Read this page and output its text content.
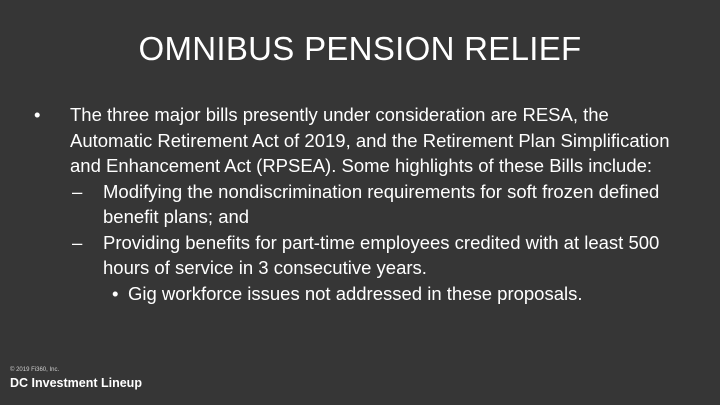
OMNIBUS PENSION RELIEF
•	The three major bills presently under consideration are RESA, the Automatic Retirement Act of 2019, and the Retirement Plan Simplification and Enhancement Act (RPSEA). Some highlights of these Bills include:
– Modifying the nondiscrimination requirements for soft frozen defined benefit plans; and
– Providing benefits for part-time employees credited with at least 500 hours of service in 3 consecutive years.
• Gig workforce issues not addressed in these proposals.
© 2019 Fi360, Inc.
DC Investment Lineup
